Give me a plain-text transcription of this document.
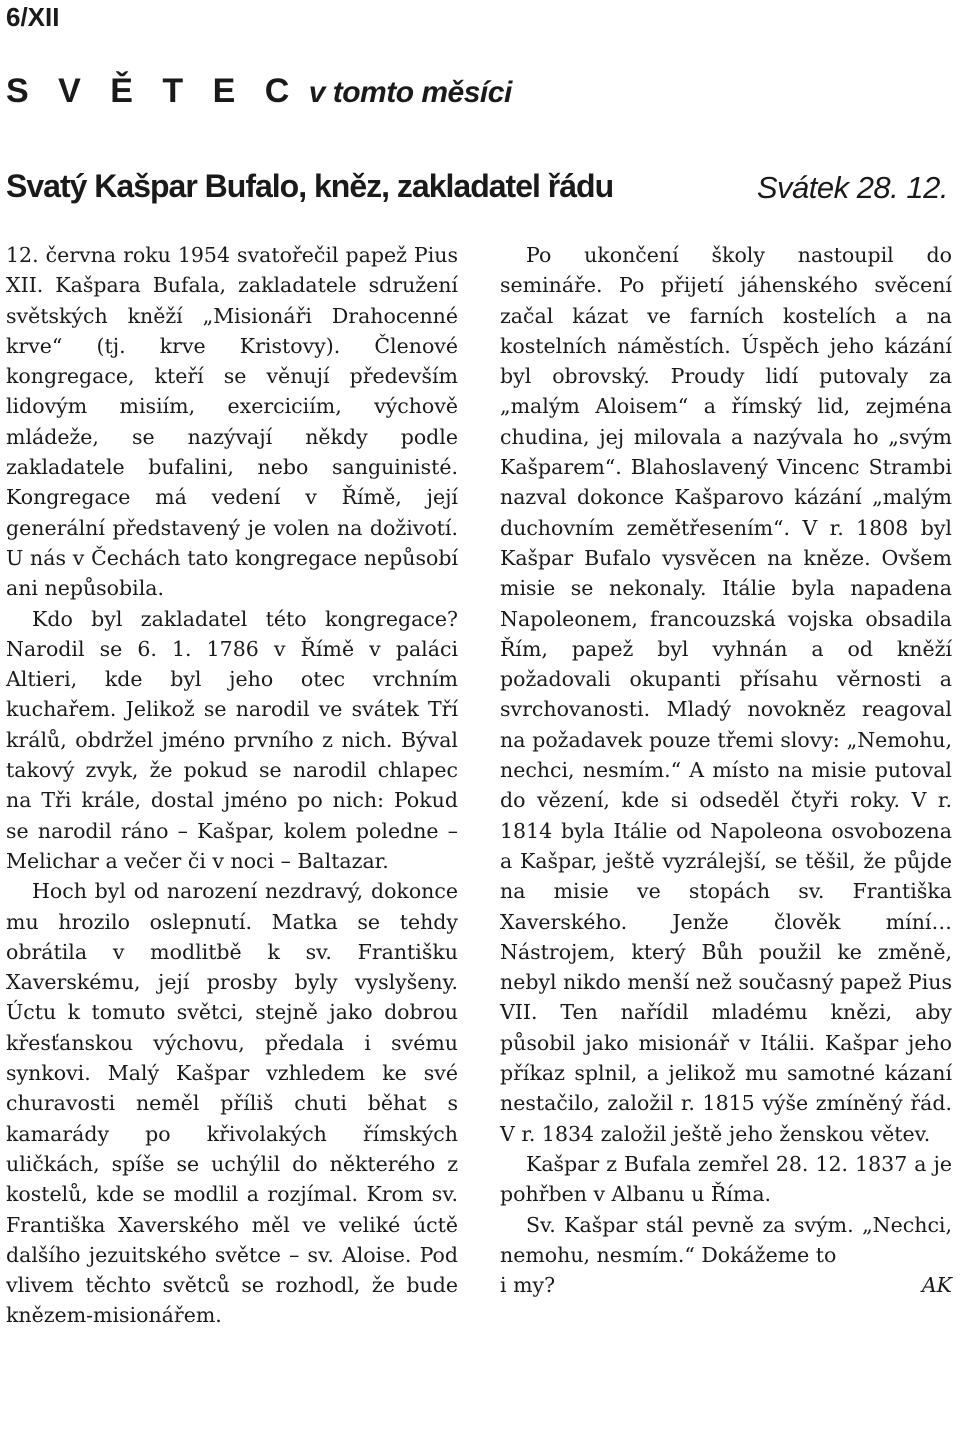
6/XII
S V Ě T E C v tomto měsíci
Svatý Kašpar Bufalo, kněz, zakladatel řádu	Svátek 28. 12.

12. června roku 1954 svatořečil papež Pius XII. Kašpara Bufala, zakladatele sdružení světských kněží „Misionáři Drahocenné krve“ (tj. krve Kristovy). Členové kongregace, kteří se věnují především lidovým misiím, exerciciím, výchově mládeže, se nazývají někdy podle zakladatele bufalini, nebo sanguinisté. Kongregace má vedení v Římě, její generální představený je volen na doživotí. U nás v Čechách tato kongregace nepůsobí ani nepůsobila.

Kdo byl zakladatel této kongregace? Narodil se 6. 1. 1786 v Římě v paláci Altieri, kde byl jeho otec vrchním kuchařem. Jelikož se narodil ve svátek Tří králů, obdržel jméno prvního z nich. Býval takový zvyk, že pokud se narodil chlapec na Tři krále, dostal jméno po nich: Pokud se narodil ráno – Kašpar, kolem poledne – Melichar a večer či v noci – Baltazar.

Hoch byl od narození nezdravý, dokonce mu hrozilo oslepnutí. Matka se tehdy obrátila v modlitbě k sv. Františku Xaverskému, její prosby byly vyslyšeny. Úctu k tomuto světci, stejně jako dobrou křesťanskou výchovu, předala i svému synkovi. Malý Kašpar vzhledem ke své churavosti neměl příliš chuti běhat s kamarády po křivolakých římských uličkách, spíše se uchýlil do některého z kostelů, kde se modlil a rozjímal. Krom sv. Františka Xaverského měl ve veliké úctě dalšího jezuitského světce – sv. Aloise. Pod vlivem těchto světců se rozhodl, že bude knězem-misionářem.

Po ukončení školy nastoupil do semináře. Po přijetí jáhenského svěcení začal kázat ve farních kostelích a na kostelních náměstích. Úspěch jeho kázání byl obrovský. Proudy lidí putovaly za „malým Aloisem“ a římský lid, zejména chudina, jej milovala a nazývala ho „svým Kašparem“. Blahoslavený Vincenc Strambi nazval dokonce Kašparovo kázání „malým duchovním zemětřesením“. V r. 1808 byl Kašpar Bufalo vysvěcen na kněze. Ovšem misie se nekonaly. Itálie byla napadena Napoleonem, francouzská vojska obsadila Řím, papež byl vyhnán a od kněží požadovali okupanti přísahu věrnosti a svrchovanosti. Mladý novokněz reagoval na požadavek pouze třemi slovy: „Nemohu, nechci, nesmím.“ A místo na misie putoval do vězení, kde si odseděl čtyři roky. V r. 1814 byla Itálie od Napoleona osvobozena a Kašpar, ještě vyzrálejší, se těšil, že půjde na misie ve stopách sv. Františka Xaverského. Jenže člověk míní… Nástrojem, který Bůh použil ke změně, nebyl nikdo menší než současný papež Pius VII. Ten nařídil mladému knězi, aby působil jako misionář v Itálii. Kašpar jeho příkaz splnil, a jelikož mu samotné kázaní nestačilo, založil r. 1815 výše zmíněný řád. V r. 1834 založil ještě jeho ženskou větev.

Kašpar z Bufala zemřel 28. 12. 1837 a je pohřben v Albanu u Říma.

Sv. Kašpar stál pevně za svým. „Nechci, nemohu, nesmím.“ Dokážeme to

i my?	AK
